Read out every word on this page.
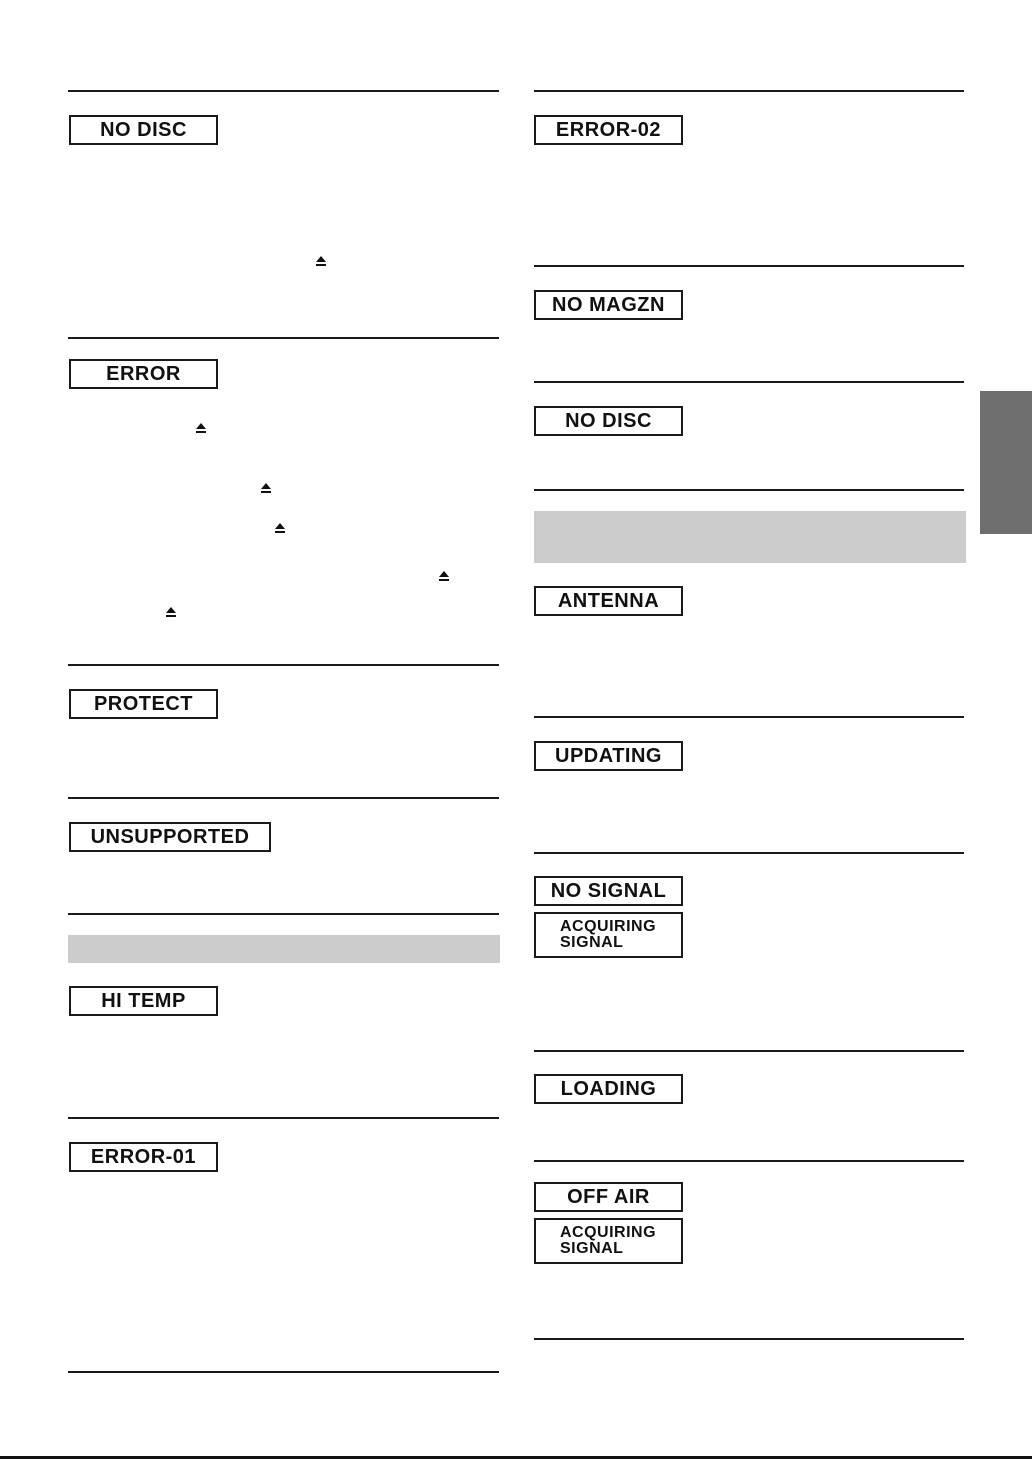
NO DISC
ERROR
PROTECT
UNSUPPORTED
HI TEMP
ERROR-01
ERROR-02
NO MAGZN
NO DISC
ANTENNA
UPDATING
NO SIGNAL
ACQUIRING
SIGNAL
LOADING
OFF AIR
ACQUIRING
SIGNAL
